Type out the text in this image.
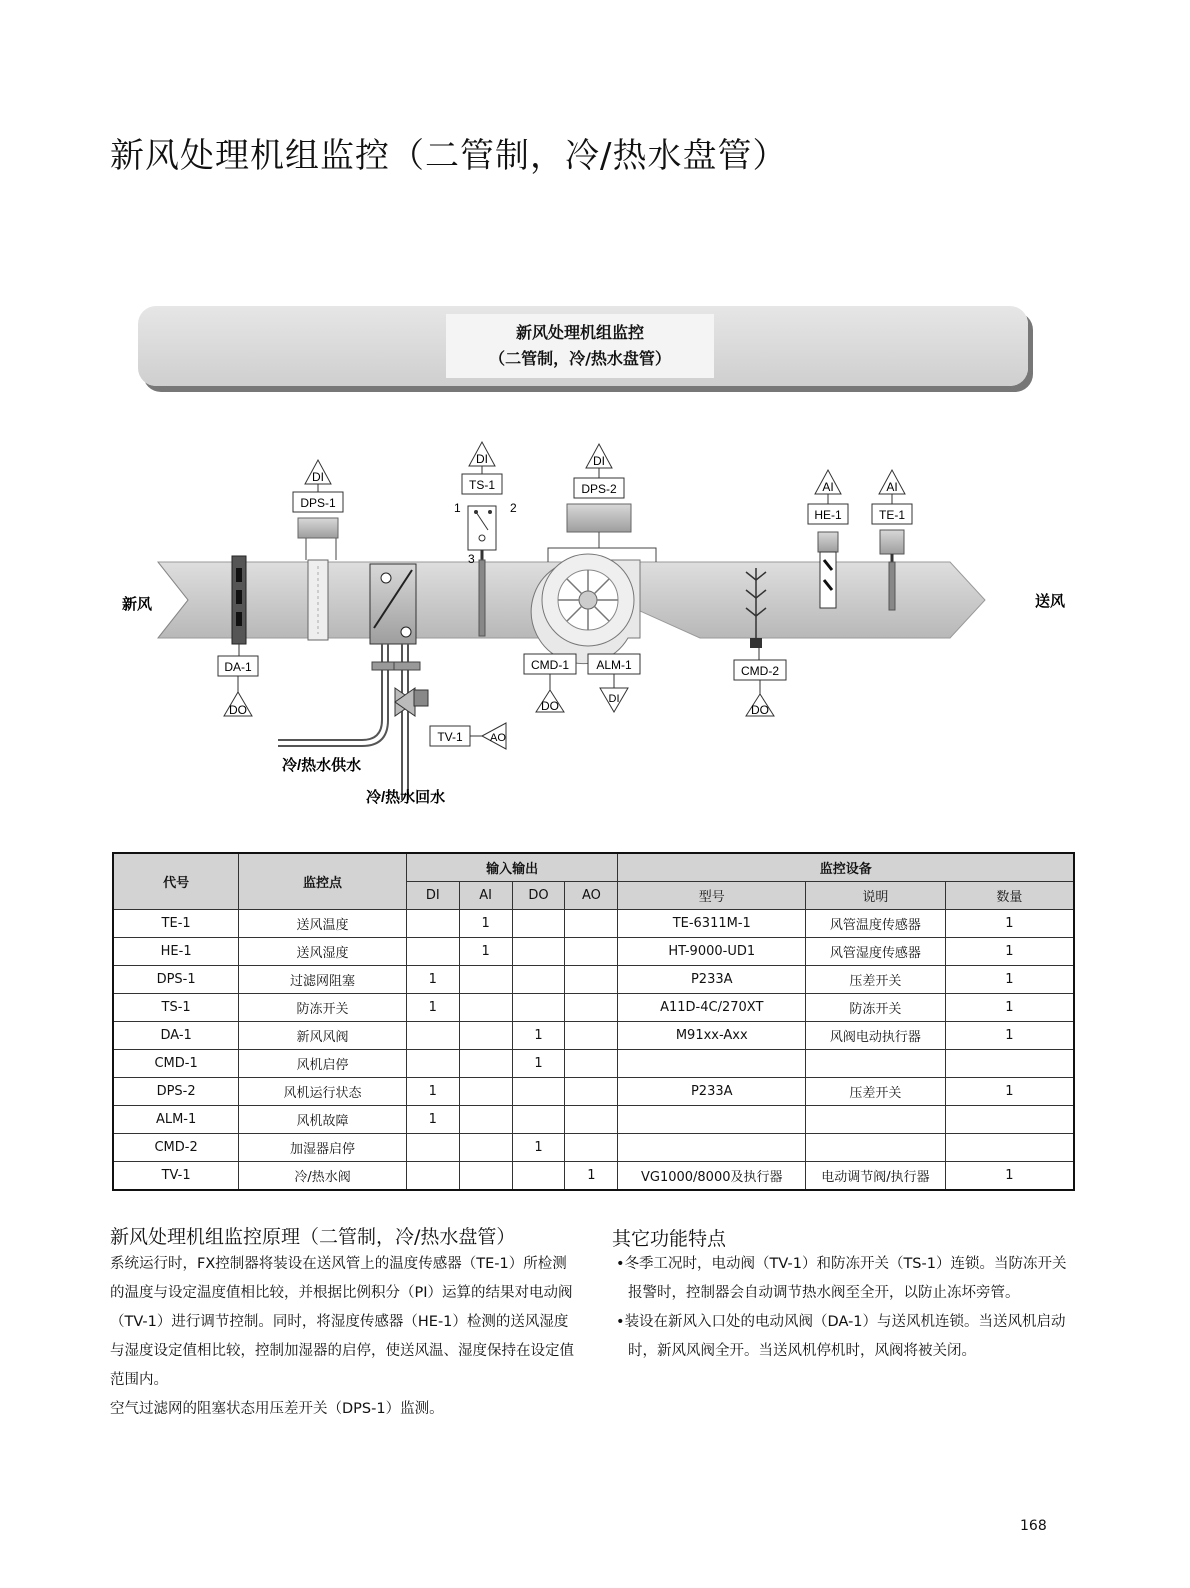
新风处理机组监控（二管制，冷/热水盘管）
新风处理机组监控
（二管制，冷/热水盘管）
新风	送风
DA-1
DO
DPS-1
DI
TV-1 AO
冷/热水供水
冷/热水回水
1	2
3
TS-1
DI
DPS-2
DI
CMD-1
DO
ALM-1
DI
CMD-2
DO
HE-1
AI
TE-1
AI
代号	监控点	输入输出				监控设备		
		DI	AI	DO	AO	型号	说明	数量
TE-1	送风温度		1			TE-6311M-1	风管温度传感器	1
HE-1	送风湿度		1			HT-9000-UD1	风管湿度传感器	1
DPS-1	过滤网阻塞	1				P233A	压差开关	1
TS-1	防冻开关	1				A11D-4C/270XT	防冻开关	1
DA-1	新风风阀			1		M91xx-Axx	风阀电动执行器	1
CMD-1	风机启停			1				
DPS-2	风机运行状态	1				P233A	压差开关	1
ALM-1	风机故障	1						
CMD-2	加湿器启停			1				
TV-1	冷/热水阀				1	VG1000/8000及执行器	电动调节阀/执行器	1
新风处理机组监控原理（二管制，冷/热水盘管）
系统运行时，FX控制器将装设在送风管上的温度传感器（TE-1）所检测的温度与设定温度值相比较，并根据比例积分（PI）运算的结果对电动阀（TV-1）进行调节控制。同时，将湿度传感器（HE-1）检测的送风湿度与湿度设定值相比较，控制加湿器的启停，使送风温、湿度保持在设定值范围内。
空气过滤网的阻塞状态用压差开关（DPS-1）监测。
其它功能特点

•冬季工况时，电动阀（TV-1）和防冻开关（TS-1）连锁。当防冻开关报警时，控制器会自动调节热水阀至全开，以防止冻坏旁管。

•装设在新风入口处的电动风阀（DA-1）与送风机连锁。当送风机启动时，新风风阀全开。当送风机停机时，风阀将被关闭。

168
